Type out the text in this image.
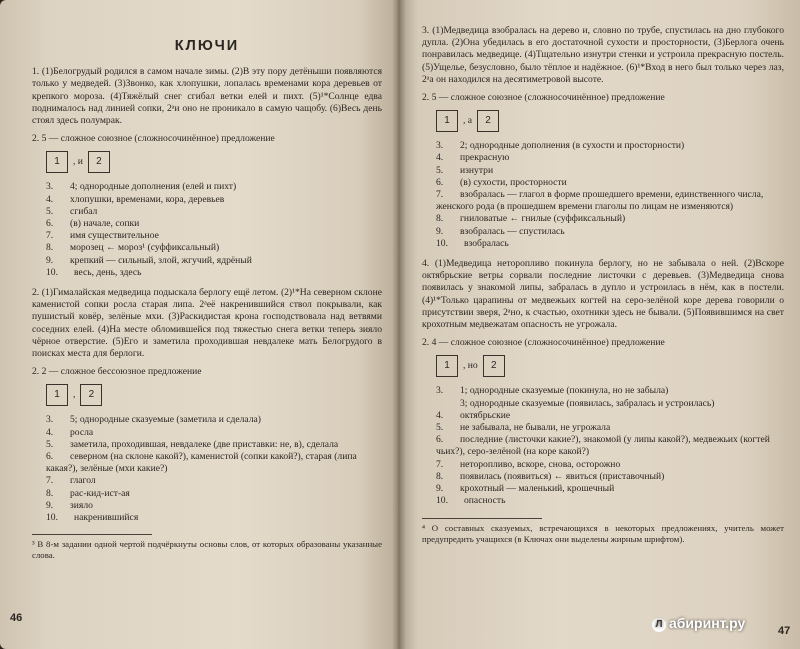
КЛЮЧИ

1. (1)Белогрудый родился в самом начале зимы. (2)В эту пору детёныши появляются только у медведей. (3)Звонко, как хлопушки, лопалась временами кора деревьев от крепкого мороза. (4)Тяжёлый снег сгибал ветки елей и пихт. (5)¹*Солнце едва поднималось над линией сопки, 2ᵃи оно не проникало в самую чащобу. (6)Весь день стоял здесь полумрак.

2. 5 — сложное союзное (сложносочинённое) предложение
1	, и	2
3. 4; однородные дополнения (елей и пихт)
4. хлопушки, временами, кора, деревьев
5. сгибал
6. (в) начале, сопки
7. имя существительное
8. морозец ← мороз¹ (суффиксальный)
9. крепкий — сильный, злой, жгучий, ядрёный
10. весь, день, здесь

2. (1)Гималайская медведица подыскала берлогу ещё летом. (2)¹*На северном склоне каменистой сопки росла старая липа. 2ᵃеё накренившийся ствол покрывали, как пушистый ковёр, зелёные мхи. (3)Раскидистая крона господствовала над ветвями соседних елей. (4)На месте обломившейся под тяжестью снега ветки теперь зияло чёрное отверстие. (5)Его и заметила проходившая невдалеке мать Белогрудого в поисках места для берлоги.

2. 2 — сложное бессоюзное предложение
1	,	2
3. 5; однородные сказуемые (заметила и сделала)
4. росла
5. заметила, проходившая, невдалеке (две приставки: не, в), сделала
6. северном (на склоне какой?), каменистой (сопки какой?), старая (липа какая?), зелёные (мхи какие?)
7. глагол
8. рас-кид-ист-ая
9. зияло
10. накренившийся

³ В 8-м задании одной чертой подчёркнуты основы слов, от которых образованы указанные слова.

46

3. (1)Медведица взобралась на дерево и, словно по трубе, спустилась на дно глубокого дупла. (2)Она убедилась в его достаточной сухости и просторности, (3)Берлога очень понравилась медведице. (4)Тщательно изнутри стенки и устроила прекрасную постель. (5)Ущелье, безусловно, было тёплое и надёжное. (6)¹*Вход в него был только через лаз, 2ᵃа он находился на десятиметровой высоте.

2. 5 — сложное союзное (сложносочинённое) предложение
1	, а	2
3. 2; однородные дополнения (в сухости и просторности)
4. прекрасную
5. изнутри
6. (в) сухости, просторности
7. взобралась — глагол в форме прошедшего времени, единственного числа, женского рода (в прошедшем времени глаголы по лицам не изменяются)
8. гниловатые ← гнилые (суффиксальный)
9. взобралась — спустилась
10. взобралась

4. (1)Медведица неторопливо покинула берлогу, но не забывала о ней. (2)Вскоре октябрьские ветры сорвали последние листочки с деревьев. (3)Медведица снова появилась у знакомой липы, забралась в дупло и устроилась в нём, как в постели. (4)¹*Только царапины от медвежьих когтей на серо-зелёной коре дерева говорили о присутствии зверя, 2ᵃно, к счастью, охотники здесь не бывали. (5)Появившимся на свет крохотным медвежатам опасность не угрожала.

2. 4 — сложное союзное (сложносочинённое) предложение
1	, но	2
3. 1; однородные сказуемые (покинула, но не забыла)
3; однородные сказуемые (появилась, забралась и устроилась)
4. октябрьские
5. не забывала, не бывали, не угрожала
6. последние (листочки какие?), знакомой (у липы какой?), медвежьих (когтей чьих?), серо-зелёной (на коре какой?)
7. неторопливо, вскоре, снова, осторожно
8. появилась (появиться) ← явиться (приставочный)
9. крохотный — маленький, крошечный
10. опасность

⁴ О составных сказуемых, встречающихся в некоторых предложениях, учитель может предупредить учащихся (в Ключах они выделены жирным шрифтом).

47
Л абиринт.ру
